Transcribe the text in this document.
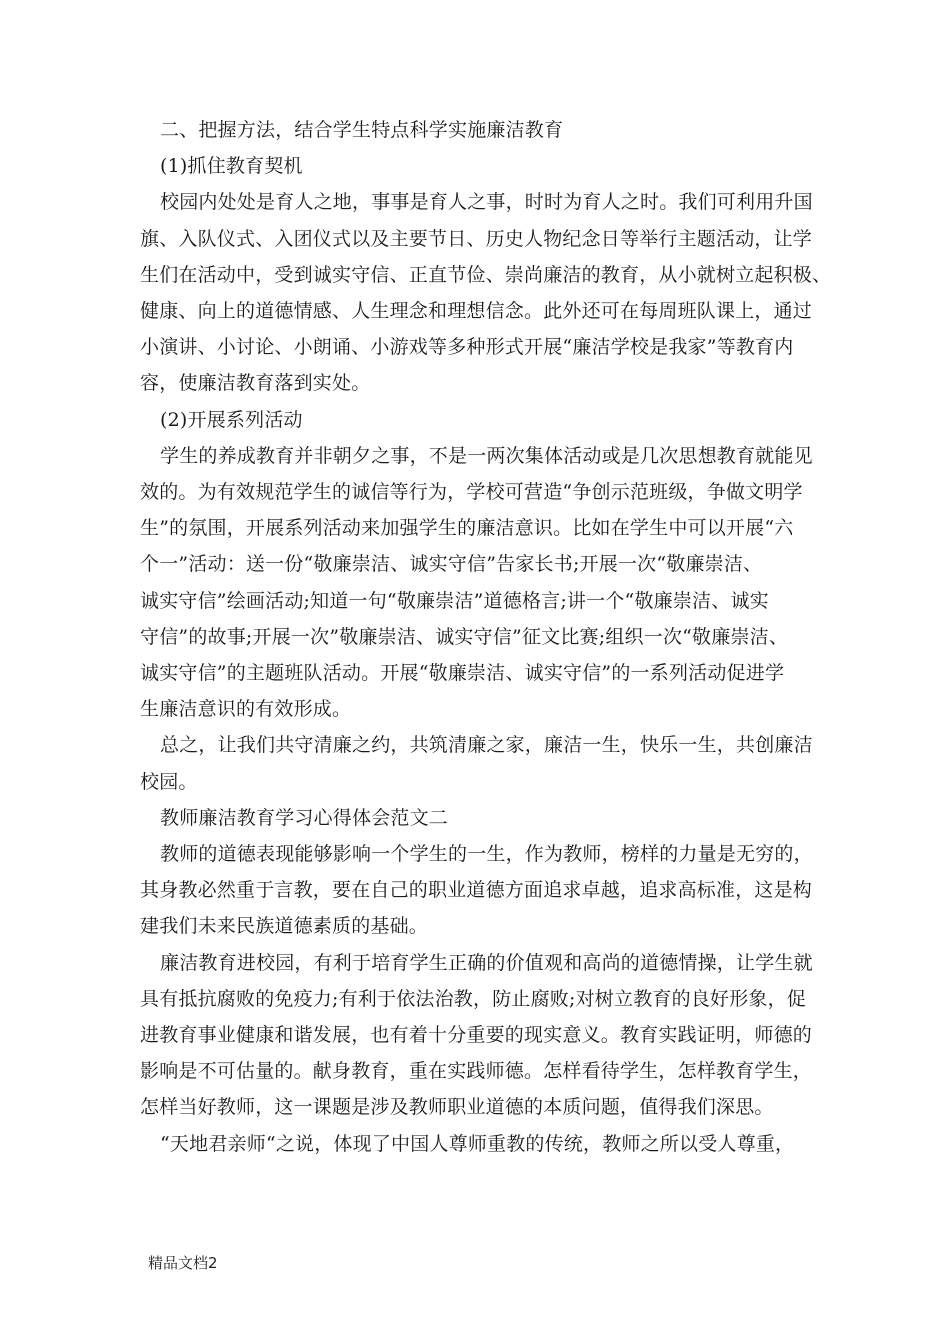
二、把握方法，结合学生特点科学实施廉洁教育

(1)抓住教育契机

校园内处处是育人之地，事事是育人之事，时时为育人之时。我们可利用升国

旗、入队仪式、入团仪式以及主要节日、历史人物纪念日等举行主题活动，让学

生们在活动中，受到诚实守信、正直节俭、崇尚廉洁的教育，从小就树立起积极、

健康、向上的道德情感、人生理念和理想信念。此外还可在每周班队课上，通过

小演讲、小讨论、小朗诵、小游戏等多种形式开展“廉洁学校是我家”等教育内

容，使廉洁教育落到实处。

(2)开展系列活动

学生的养成教育并非朝夕之事，不是一两次集体活动或是几次思想教育就能见

效的。为有效规范学生的诚信等行为，学校可营造“争创示范班级，争做文明学

生”的氛围，开展系列活动来加强学生的廉洁意识。比如在学生中可以开展“六

个一”活动：送一份“敬廉崇洁、诚实守信”告家长书;开展一次“敬廉崇洁、

诚实守信”绘画活动;知道一句“敬廉崇洁”道德格言;讲一个“敬廉崇洁、诚实

守信”的故事;开展一次”敬廉崇洁、诚实守信”征文比赛;组织一次“敬廉崇洁、

诚实守信”的主题班队活动。开展“敬廉崇洁、诚实守信”的一系列活动促进学

生廉洁意识的有效形成。

总之，让我们共守清廉之约，共筑清廉之家，廉洁一生，快乐一生，共创廉洁

校园。

教师廉洁教育学习心得体会范文二

教师的道德表现能够影响一个学生的一生，作为教师，榜样的力量是无穷的，

其身教必然重于言教，要在自己的职业道德方面追求卓越，追求高标准，这是构

建我们未来民族道德素质的基础。

廉洁教育进校园，有利于培育学生正确的价值观和高尚的道德情操，让学生就

具有抵抗腐败的免疫力;有利于依法治教，防止腐败;对树立教育的良好形象，促

进教育事业健康和谐发展，也有着十分重要的现实意义。教育实践证明，师德的

影响是不可估量的。献身教育，重在实践师德。怎样看待学生，怎样教育学生，

怎样当好教师，这一课题是涉及教师职业道德的本质问题，值得我们深思。

“天地君亲师“之说，体现了中国人尊师重教的传统，教师之所以受人尊重，

精品文档2
